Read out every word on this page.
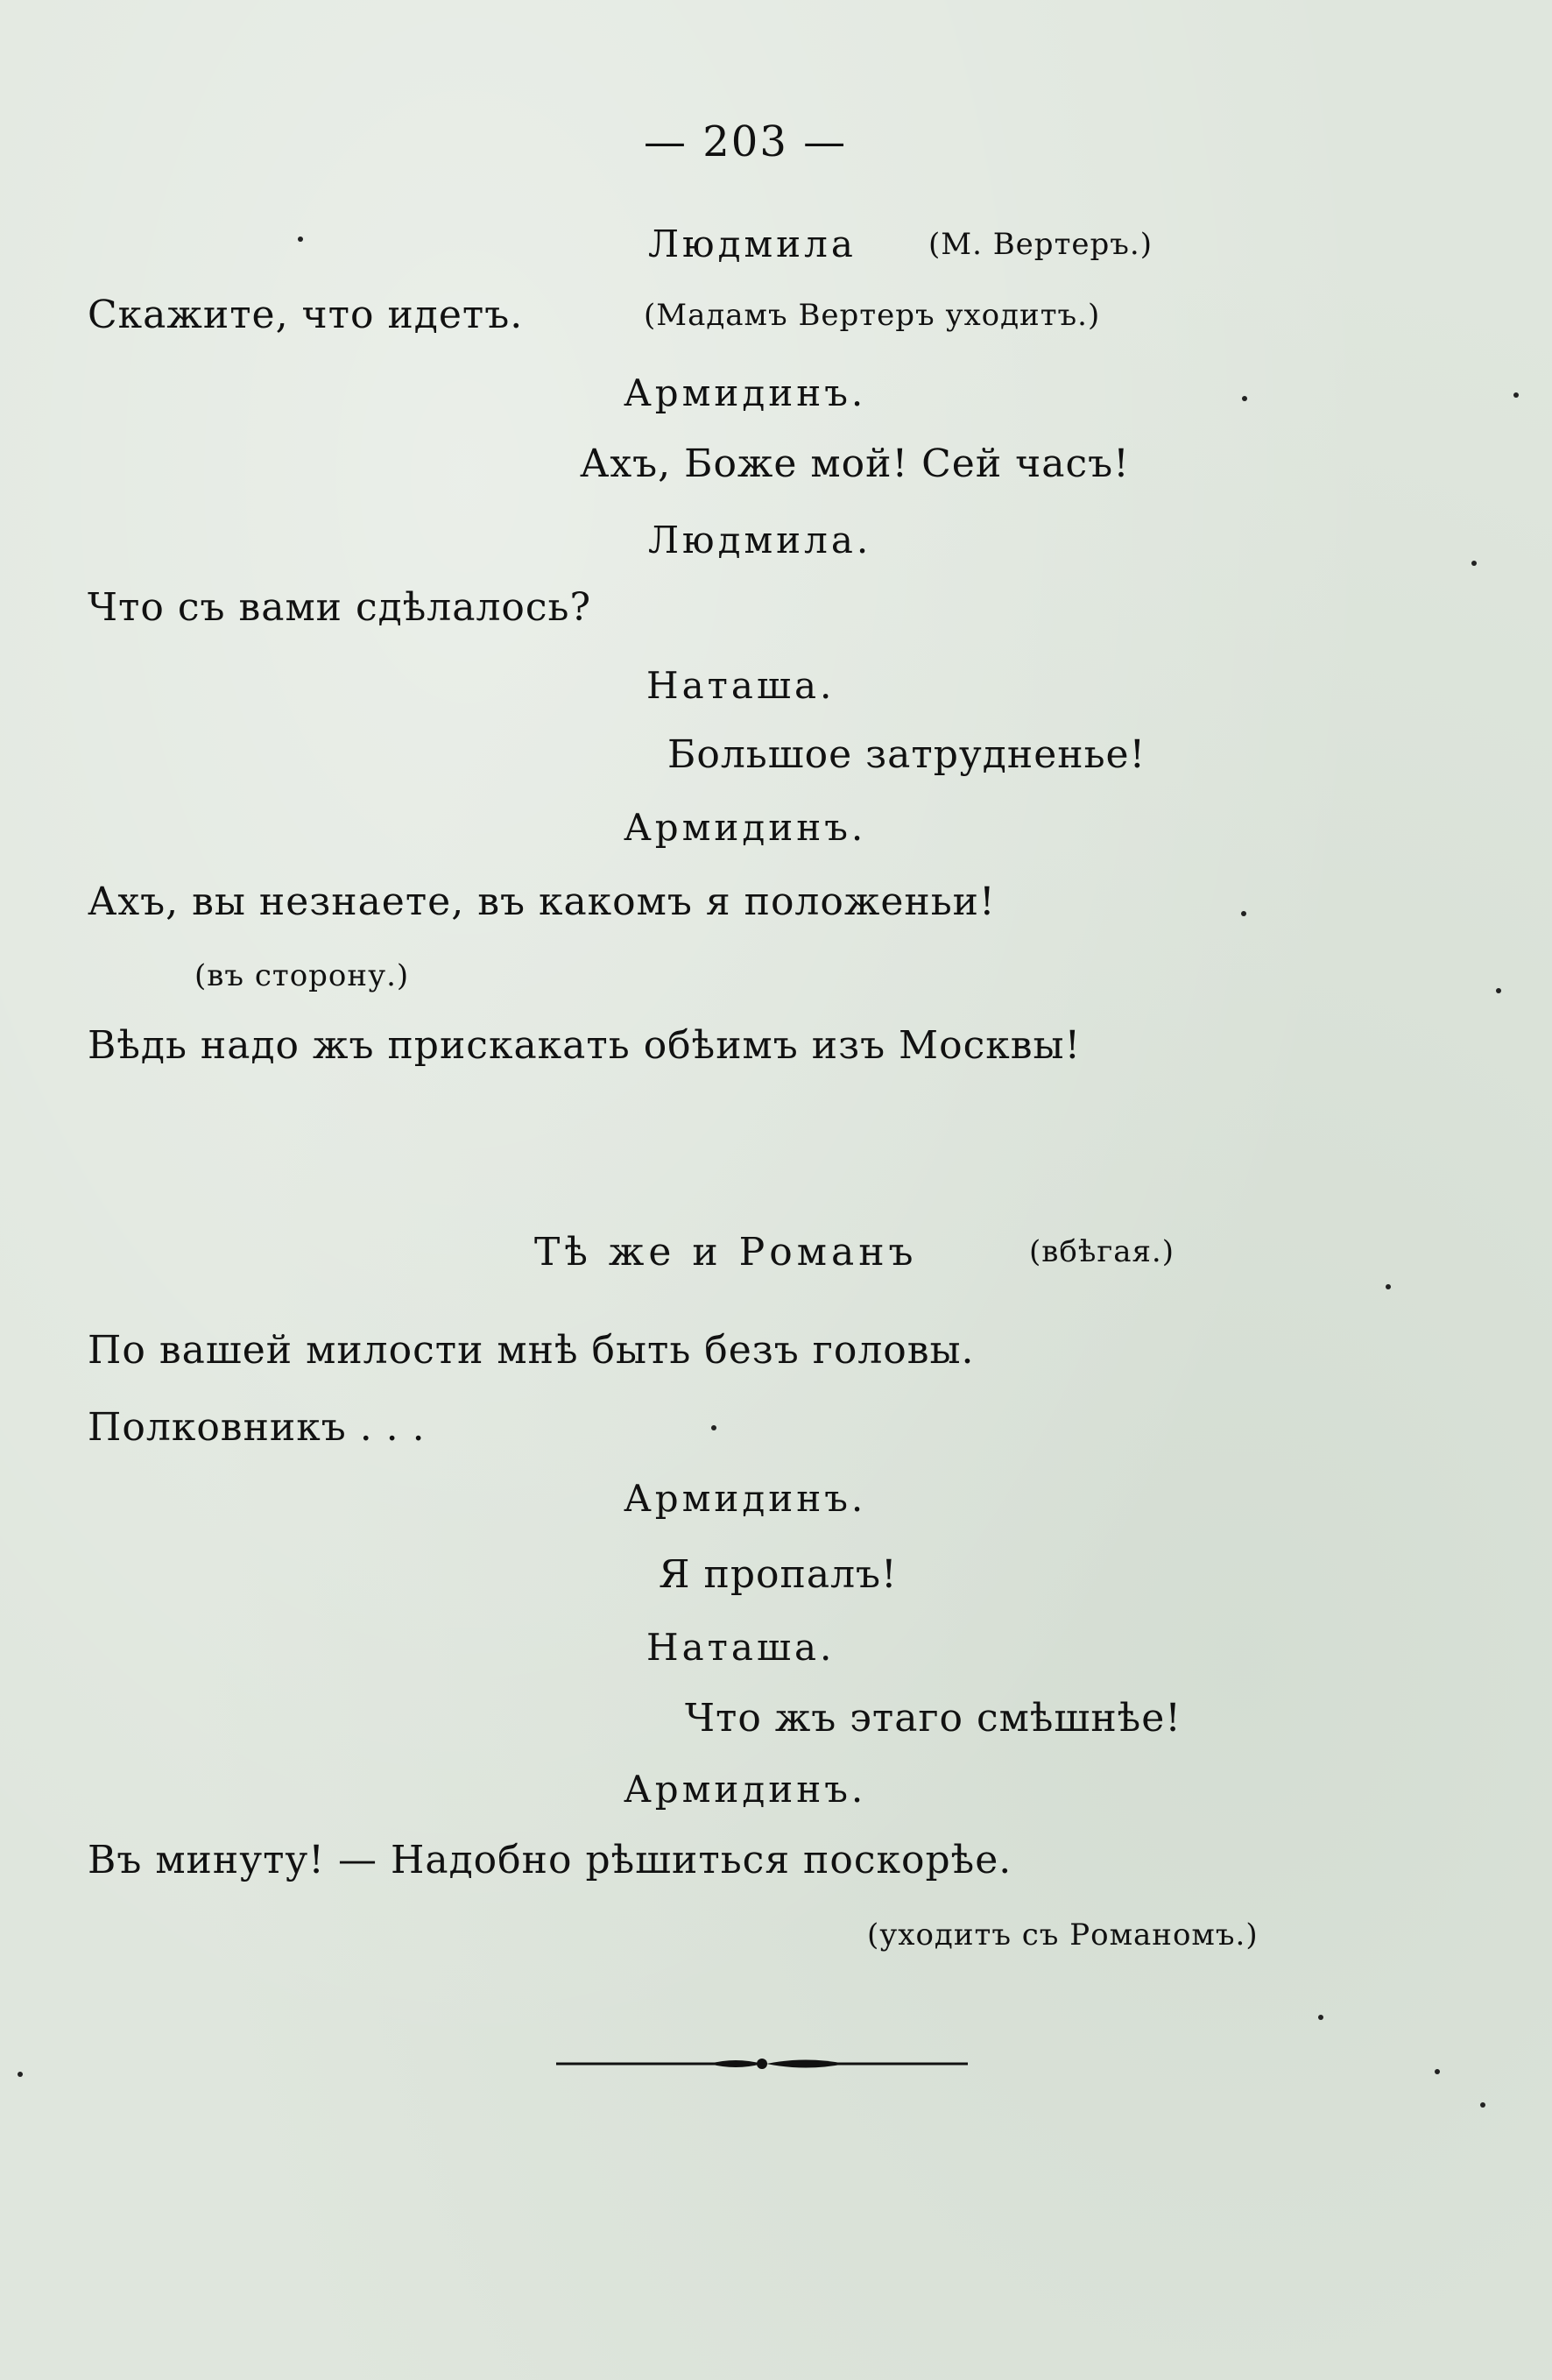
— 203 —
Людмила (М. Вертеръ.)
Скажите, что идетъ.	(Мадамъ Вертеръ уходитъ.)
Армидинъ.
Ахъ, Боже мой! Сей часъ!
Людмила.
Что съ вами сдѣлалось?
Наташа.
Большое затрудненье!
Армидинъ.
Ахъ, вы незнаете, въ какомъ я положеньи!
(въ сторону.)
Вѣдь надо жъ прискакать обѣимъ изъ Москвы!
Тѣ же и Романъ	(вбѣгая.)
По вашей милости мнѣ быть безъ головы.
Полковникъ . . .
Армидинъ.
Я пропалъ!
Наташа.
Что жъ этаго смѣшнѣе!
Армидинъ.
Въ минуту! — Надобно рѣшиться поскорѣе.
(уходитъ съ Романомъ.)
